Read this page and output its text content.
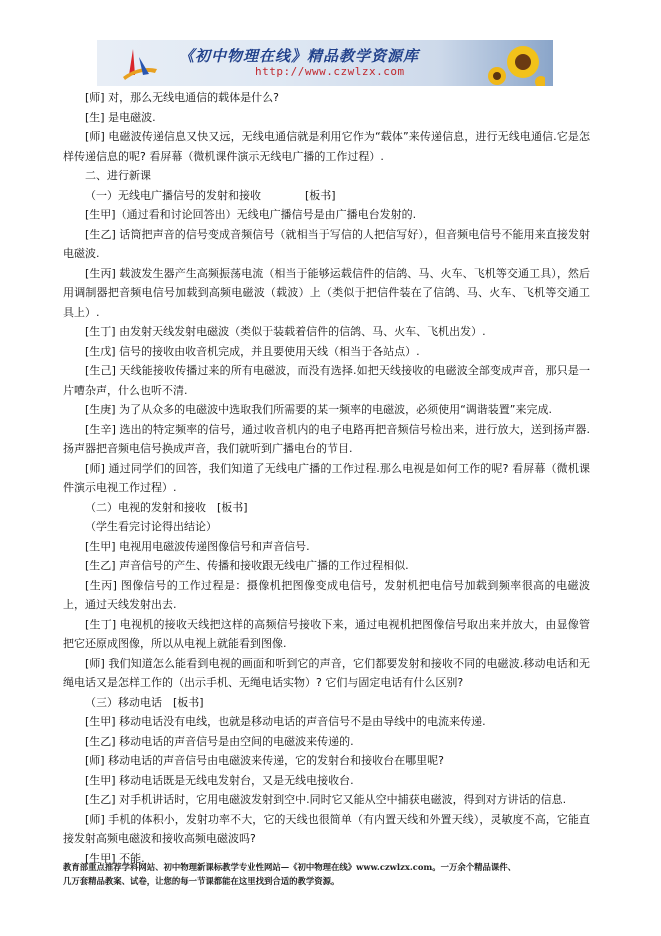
《初中物理在线》精品教学资源库
http://www.czwlzx.com

[师] 对，那么无线电通信的载体是什么?

[生] 是电磁波.

[师] 电磁波传递信息又快又远，无线电通信就是利用它作为“载体”来传递信息，进行无线电通信.它是怎样传递信息的呢? 看屏幕（微机课件演示无线电广播的工作过程）.

二、进行新课

（一）无线电广播信号的发射和接收　　　　[板书]

[生甲]（通过看和讨论回答出）无线电广播信号是由广播电台发射的.

[生乙] 话筒把声音的信号变成音频信号（就相当于写信的人把信写好），但音频电信号不能用来直接发射电磁波.

[生丙] 载波发生器产生高频振荡电流（相当于能够运载信件的信鸽、马、火车、飞机等交通工具），然后用调制器把音频电信号加载到高频电磁波（载波）上（类似于把信件装在了信鸽、马、火车、飞机等交通工具上）.

[生丁] 由发射天线发射电磁波（类似于装载着信件的信鸽、马、火车、飞机出发）.

[生戊] 信号的接收由收音机完成，并且要使用天线（相当于各站点）.

[生己] 天线能接收传播过来的所有电磁波，而没有选择.如把天线接收的电磁波全部变成声音，那只是一片嘈杂声，什么也听不清.

[生庚] 为了从众多的电磁波中选取我们所需要的某一频率的电磁波，必须使用“调谐装置”来完成.

[生辛] 选出的特定频率的信号，通过收音机内的电子电路再把音频信号检出来，进行放大，送到扬声器.扬声器把音频电信号换成声音，我们就听到广播电台的节目.

[师] 通过同学们的回答，我们知道了无线电广播的工作过程.那么电视是如何工作的呢? 看屏幕（微机课件演示电视工作过程）.

（二）电视的发射和接收　[板书]

（学生看完讨论得出结论）

[生甲] 电视用电磁波传递图像信号和声音信号.

[生乙] 声音信号的产生、传播和接收跟无线电广播的工作过程相似.

[生丙] 图像信号的工作过程是：摄像机把图像变成电信号，发射机把电信号加载到频率很高的电磁波上，通过天线发射出去.

[生丁] 电视机的接收天线把这样的高频信号接收下来，通过电视机把图像信号取出来并放大，由显像管把它还原成图像，所以从电视上就能看到图像.

[师] 我们知道怎么能看到电视的画面和听到它的声音，它们都要发射和接收不同的电磁波.移动电话和无绳电话又是怎样工作的（出示手机、无绳电话实物）? 它们与固定电话有什么区别?

（三）移动电话　[板书]

[生甲] 移动电话没有电线，也就是移动电话的声音信号不是由导线中的电流来传递.

[生乙] 移动电话的声音信号是由空间的电磁波来传递的.

[师] 移动电话的声音信号由电磁波来传递，它的发射台和接收台在哪里呢?

[生甲] 移动电话既是无线电发射台，又是无线电接收台.

[生乙] 对手机讲话时，它用电磁波发射到空中.同时它又能从空中捕获电磁波，得到对方讲话的信息.

[师] 手机的体积小，发射功率不大，它的天线也很简单（有内置天线和外置天线），灵敏度不高，它能直接发射高频电磁波和接收高频电磁波吗?

[生甲] 不能.

教育部重点推荐学科网站、初中物理新课标教学专业性网站—《初中物理在线》www.czwlzx.com。一万余个精品课件、
几万套精品教案、试卷，让您的每一节课都能在这里找到合适的教学资源。
